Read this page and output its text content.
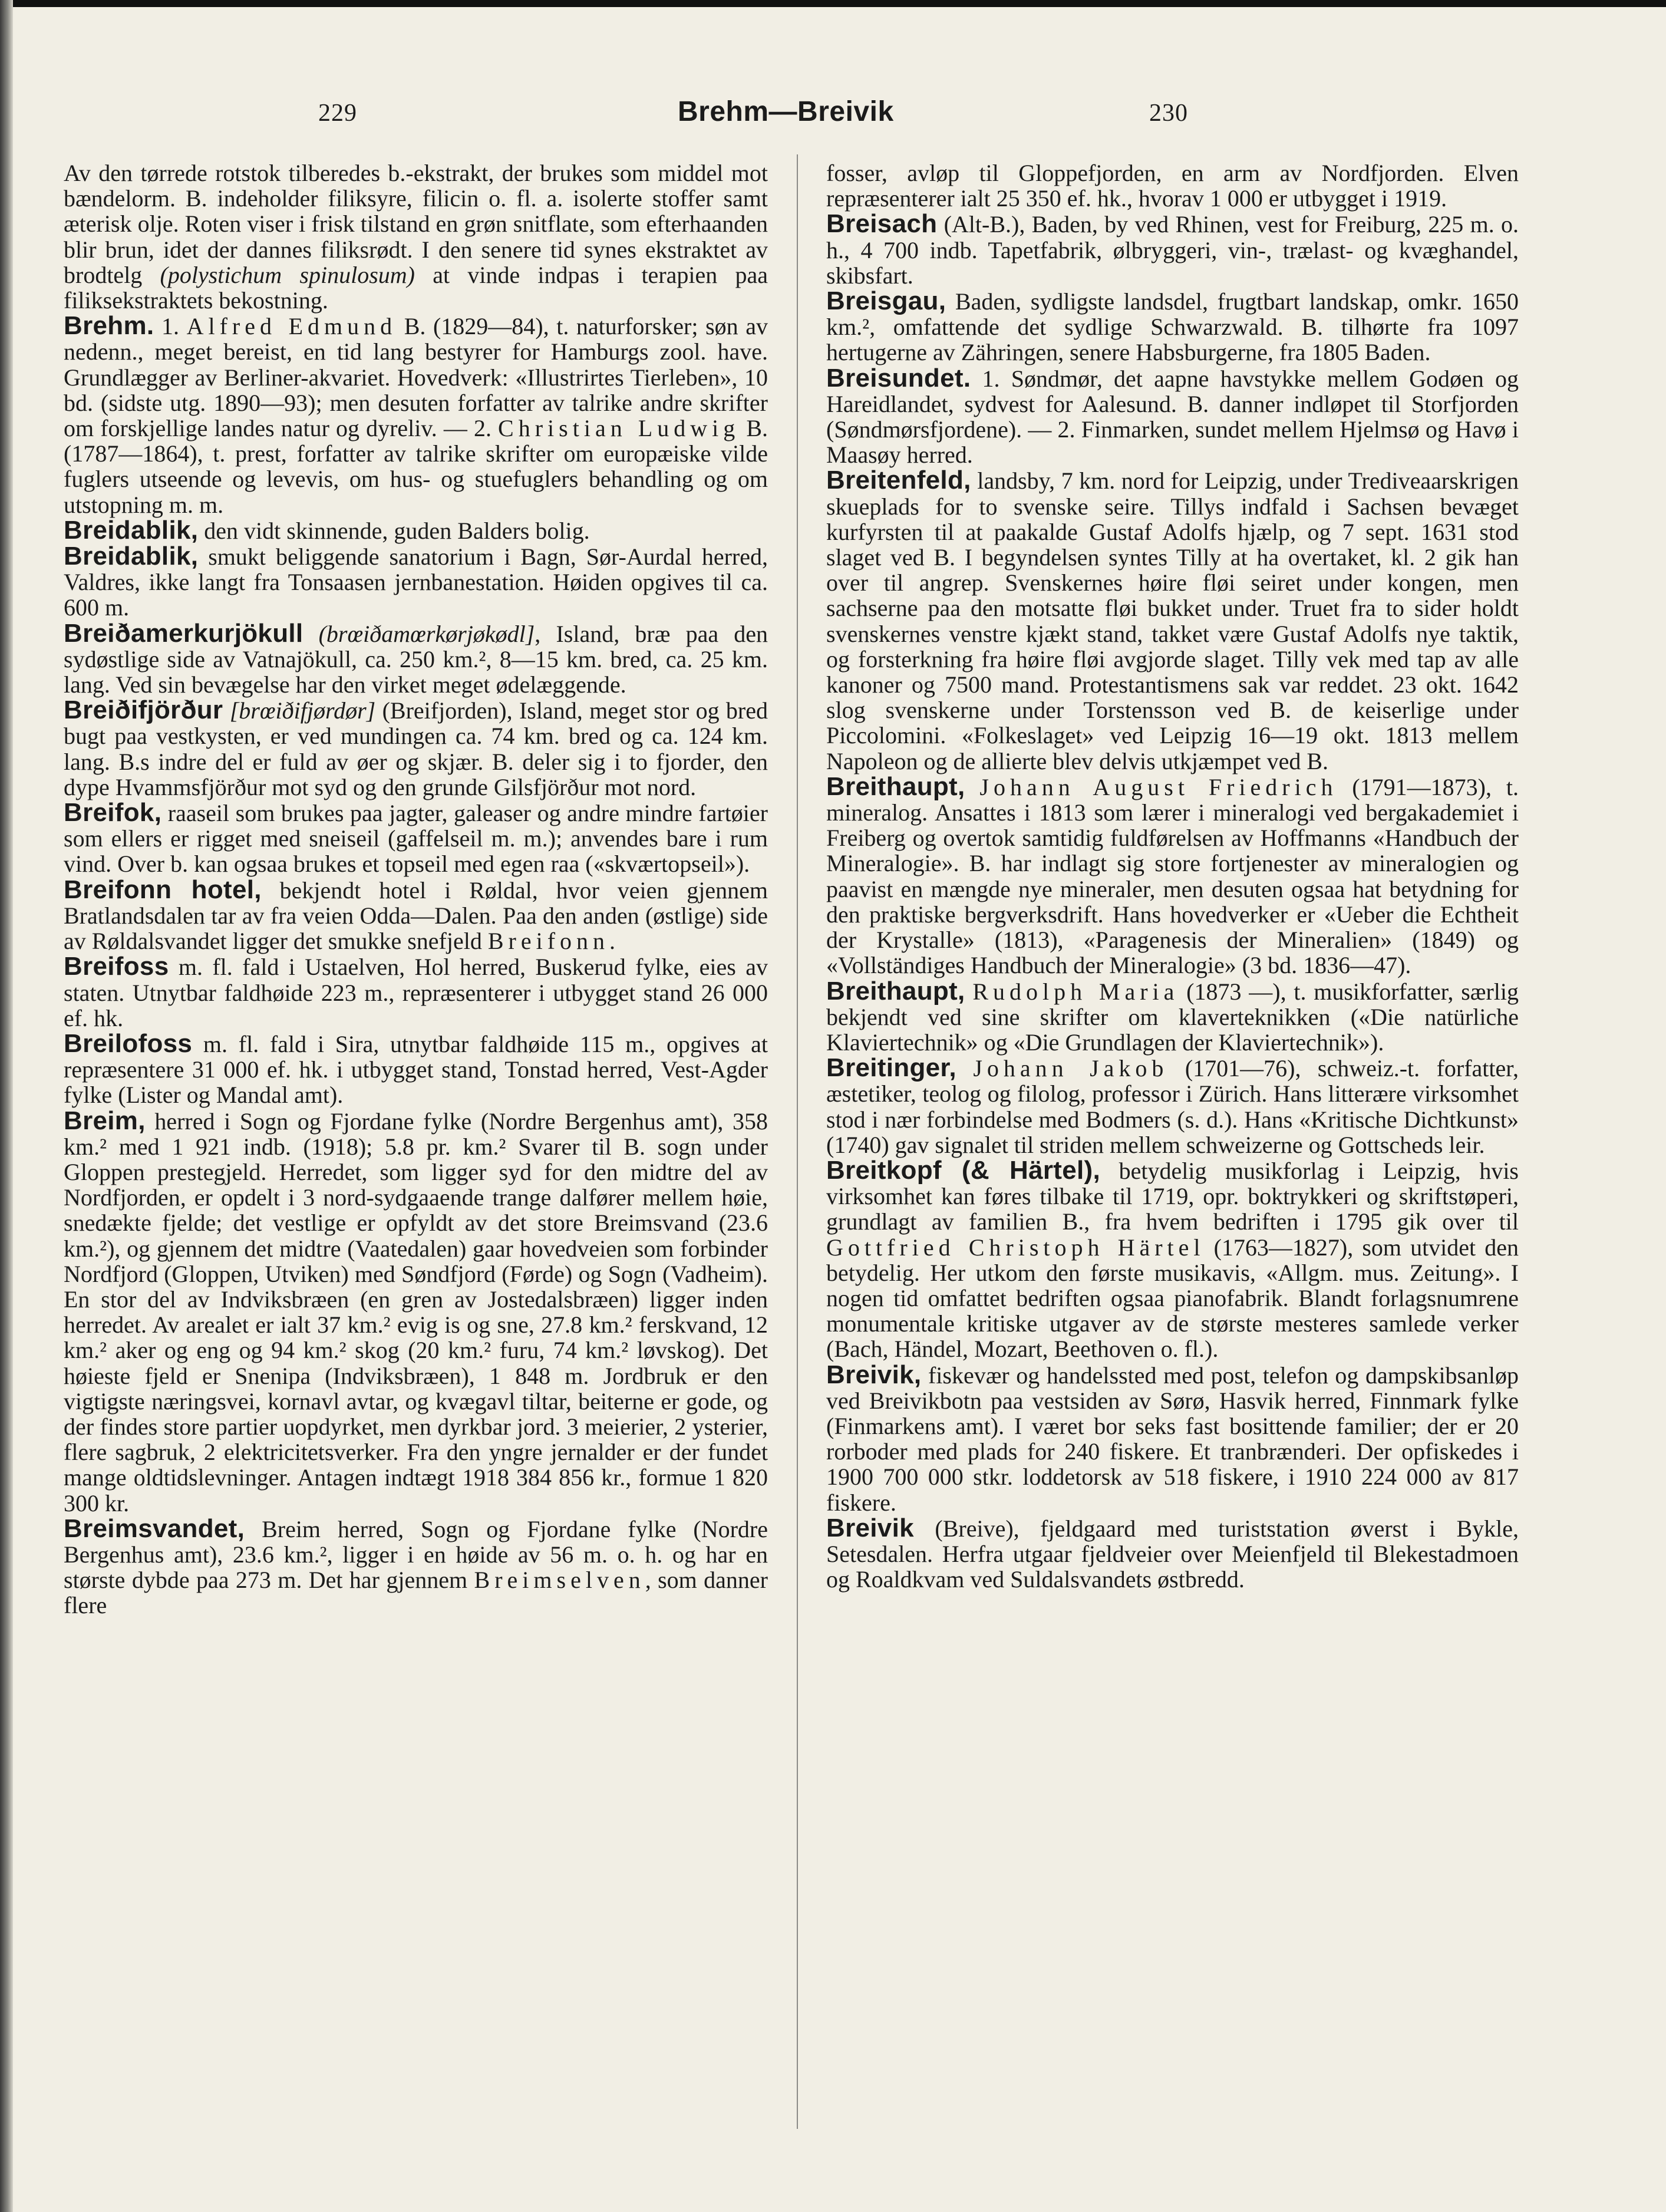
229	Brehm—Breivik	230

Av den tørrede rotstok tilberedes b.-ekstrakt, der brukes som middel mot bændelorm. B. indeholder filiksyre, filicin o. fl. a. isolerte stoffer samt æterisk olje. Roten viser i frisk tilstand en grøn snitflate, som efterhaanden blir brun, idet der dannes filiksrødt. I den senere tid synes ekstraktet av brodtelg (polystichum spinulosum) at vinde indpas i terapien paa filiksekstraktets bekostning.

Brehm. 1. Alfred Edmund B. (1829—84), t. naturforsker; søn av nedenn., meget bereist, en tid lang bestyrer for Hamburgs zool. have. Grundlægger av Berliner-akvariet. Hovedverk: «Illustrirtes Tierleben», 10 bd. (sidste utg. 1890—93); men desuten forfatter av talrike andre skrifter om forskjellige landes natur og dyreliv. — 2. Christian Ludwig B. (1787—1864), t. prest, forfatter av talrike skrifter om europæiske vilde fuglers utseende og levevis, om hus- og stuefuglers behandling og om utstopning m. m.

Breidablik, den vidt skinnende, guden Balders bolig.

Breidablik, smukt beliggende sanatorium i Bagn, Sør-Aurdal herred, Valdres, ikke langt fra Tonsaasen jernbanestation. Høiden opgives til ca. 600 m.

Breiðamerkurjökull (brœiðamœrkørjøkødl], Island, bræ paa den sydøstlige side av Vatnajökull, ca. 250 km.², 8—15 km. bred, ca. 25 km. lang. Ved sin bevægelse har den virket meget ødelæggende.

Breiðifjörður [brœiðifjørdør] (Breifjorden), Island, meget stor og bred bugt paa vestkysten, er ved mundingen ca. 74 km. bred og ca. 124 km. lang. B.s indre del er fuld av øer og skjær. B. deler sig i to fjorder, den dype Hvammsfjörður mot syd og den grunde Gilsfjörður mot nord.

Breifok, raaseil som brukes paa jagter, galeaser og andre mindre fartøier som ellers er rigget med sneiseil (gaffelseil m. m.); anvendes bare i rum vind. Over b. kan ogsaa brukes et topseil med egen raa («skværtopseil»).

Breifonn hotel, bekjendt hotel i Røldal, hvor veien gjennem Bratlandsdalen tar av fra veien Odda—Dalen. Paa den anden (østlige) side av Røldalsvandet ligger det smukke snefjeld Breifonn.

Breifoss m. fl. fald i Ustaelven, Hol herred, Buskerud fylke, eies av staten. Utnytbar faldhøide 223 m., repræsenterer i utbygget stand 26 000 ef. hk.

Breilofoss m. fl. fald i Sira, utnytbar faldhøide 115 m., opgives at repræsentere 31 000 ef. hk. i utbygget stand, Tonstad herred, Vest-Agder fylke (Lister og Mandal amt).

Breim, herred i Sogn og Fjordane fylke (Nordre Bergenhus amt), 358 km.² med 1 921 indb. (1918); 5.8 pr. km.² Svarer til B. sogn under Gloppen prestegjeld. Herredet, som ligger syd for den midtre del av Nordfjorden, er opdelt i 3 nord-sydgaaende trange dalfører mellem høie, snedækte fjelde; det vestlige er opfyldt av det store Breimsvand (23.6 km.²), og gjennem det midtre (Vaatedalen) gaar hovedveien som forbinder Nordfjord (Gloppen, Utviken) med Søndfjord (Førde) og Sogn (Vadheim). En stor del av Indviksbræen (en gren av Jostedalsbræen) ligger inden herredet. Av arealet er ialt 37 km.² evig is og sne, 27.8 km.² ferskvand, 12 km.² aker og eng og 94 km.² skog (20 km.² furu, 74 km.² løvskog). Det høieste fjeld er Snenipa (Indviksbræen), 1 848 m. Jordbruk er den vigtigste næringsvei, kornavl avtar, og kvægavl tiltar, beiterne er gode, og der findes store partier uopdyrket, men dyrkbar jord. 3 meierier, 2 ysterier, flere sagbruk, 2 elektricitetsverker. Fra den yngre jernalder er der fundet mange oldtidslevninger. Antagen indtægt 1918 384 856 kr., formue 1 820 300 kr.

Breimsvandet, Breim herred, Sogn og Fjordane fylke (Nordre Bergenhus amt), 23.6 km.², ligger i en høide av 56 m. o. h. og har en største dybde paa 273 m. Det har gjennem Breimselven, som danner flere

fosser, avløp til Gloppefjorden, en arm av Nordfjorden. Elven repræsenterer ialt 25 350 ef. hk., hvorav 1 000 er utbygget i 1919.

Breisach (Alt-B.), Baden, by ved Rhinen, vest for Freiburg, 225 m. o. h., 4 700 indb. Tapetfabrik, ølbryggeri, vin-, trælast- og kvæghandel, skibsfart.

Breisgau, Baden, sydligste landsdel, frugtbart landskap, omkr. 1650 km.², omfattende det sydlige Schwarzwald. B. tilhørte fra 1097 hertugerne av Zähringen, senere Habsburgerne, fra 1805 Baden.

Breisundet. 1. Søndmør, det aapne havstykke mellem Godøen og Hareidlandet, sydvest for Aalesund. B. danner indløpet til Storfjorden (Søndmørsfjordene). — 2. Finmarken, sundet mellem Hjelmsø og Havø i Maasøy herred.

Breitenfeld, landsby, 7 km. nord for Leipzig, under Trediveaarskrigen skueplads for to svenske seire. Tillys indfald i Sachsen bevæget kurfyrsten til at paakalde Gustaf Adolfs hjælp, og 7 sept. 1631 stod slaget ved B. I begyndelsen syntes Tilly at ha overtaket, kl. 2 gik han over til angrep. Svenskernes høire fløi seiret under kongen, men sachserne paa den motsatte fløi bukket under. Truet fra to sider holdt svenskernes venstre kjækt stand, takket være Gustaf Adolfs nye taktik, og forsterkning fra høire fløi avgjorde slaget. Tilly vek med tap av alle kanoner og 7500 mand. Protestantismens sak var reddet. 23 okt. 1642 slog svenskerne under Torstensson ved B. de keiserlige under Piccolomini. «Folkeslaget» ved Leipzig 16—19 okt. 1813 mellem Napoleon og de allierte blev delvis utkjæmpet ved B.

Breithaupt, Johann August Friedrich (1791—1873), t. mineralog. Ansattes i 1813 som lærer i mineralogi ved bergakademiet i Freiberg og overtok samtidig fuldførelsen av Hoffmanns «Handbuch der Mineralogie». B. har indlagt sig store fortjenester av mineralogien og paavist en mængde nye mineraler, men desuten ogsaa hat betydning for den praktiske bergverksdrift. Hans hovedverker er «Ueber die Echtheit der Krystalle» (1813), «Paragenesis der Mineralien» (1849) og «Vollständiges Handbuch der Mineralogie» (3 bd. 1836—47).

Breithaupt, Rudolph Maria (1873 —), t. musikforfatter, særlig bekjendt ved sine skrifter om klaverteknikken («Die natürliche Klaviertechnik» og «Die Grundlagen der Klaviertechnik»).

Breitinger, Johann Jakob (1701—76), schweiz.-t. forfatter, æstetiker, teolog og filolog, professor i Zürich. Hans litterære virksomhet stod i nær forbindelse med Bodmers (s. d.). Hans «Kritische Dichtkunst» (1740) gav signalet til striden mellem schweizerne og Gottscheds leir.

Breitkopf (& Härtel), betydelig musikforlag i Leipzig, hvis virksomhet kan føres tilbake til 1719, opr. boktrykkeri og skriftstøperi, grundlagt av familien B., fra hvem bedriften i 1795 gik over til Gottfried Christoph Härtel (1763—1827), som utvidet den betydelig. Her utkom den første musikavis, «Allgm. mus. Zeitung». I nogen tid omfattet bedriften ogsaa pianofabrik. Blandt forlagsnumrene monumentale kritiske utgaver av de største mesteres samlede verker (Bach, Händel, Mozart, Beethoven o. fl.).

Breivik, fiskevær og handelssted med post, telefon og dampskibsanløp ved Breivikbotn paa vestsiden av Sørø, Hasvik herred, Finnmark fylke (Finmarkens amt). I været bor seks fast bosittende familier; der er 20 rorboder med plads for 240 fiskere. Et tranbrænderi. Der opfiskedes i 1900 700 000 stkr. loddetorsk av 518 fiskere, i 1910 224 000 av 817 fiskere.

Breivik (Breive), fjeldgaard med turiststation øverst i Bykle, Setesdalen. Herfra utgaar fjeldveier over Meienfjeld til Blekestadmoen og Roaldkvam ved Suldalsvandets østbredd.
